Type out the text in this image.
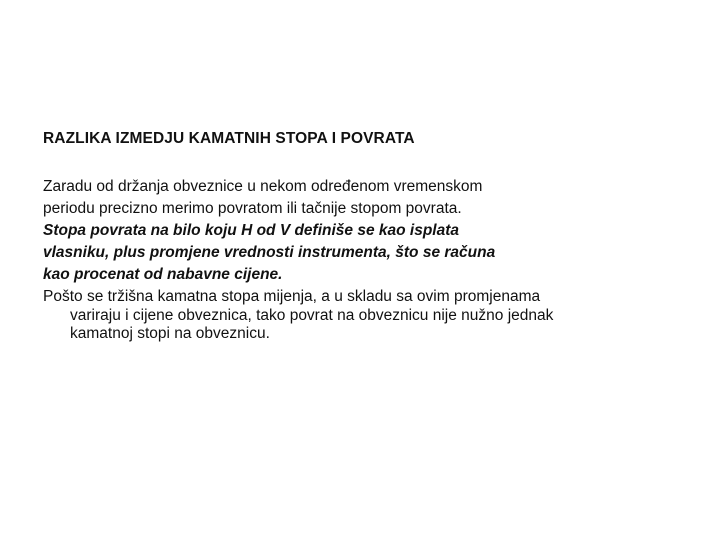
RAZLIKA IZMEDJU KAMATNIH STOPA I POVRATA
Zaradu od držanja obveznice u nekom određenom vremenskom
periodu precizno merimo povratom ili tačnije stopom povrata.
Stopa povrata na bilo koju H od V definiše se kao isplata
vlasniku, plus promjene vrednosti instrumenta, što se računa
kao procenat od nabavne cijene.
Pošto se tržišna kamatna stopa mijenja, a u skladu sa ovim promjenama
variraju i cijene obveznica, tako povrat na obveznicu nije nužno jednak
kamatnoj stopi na obveznicu.
